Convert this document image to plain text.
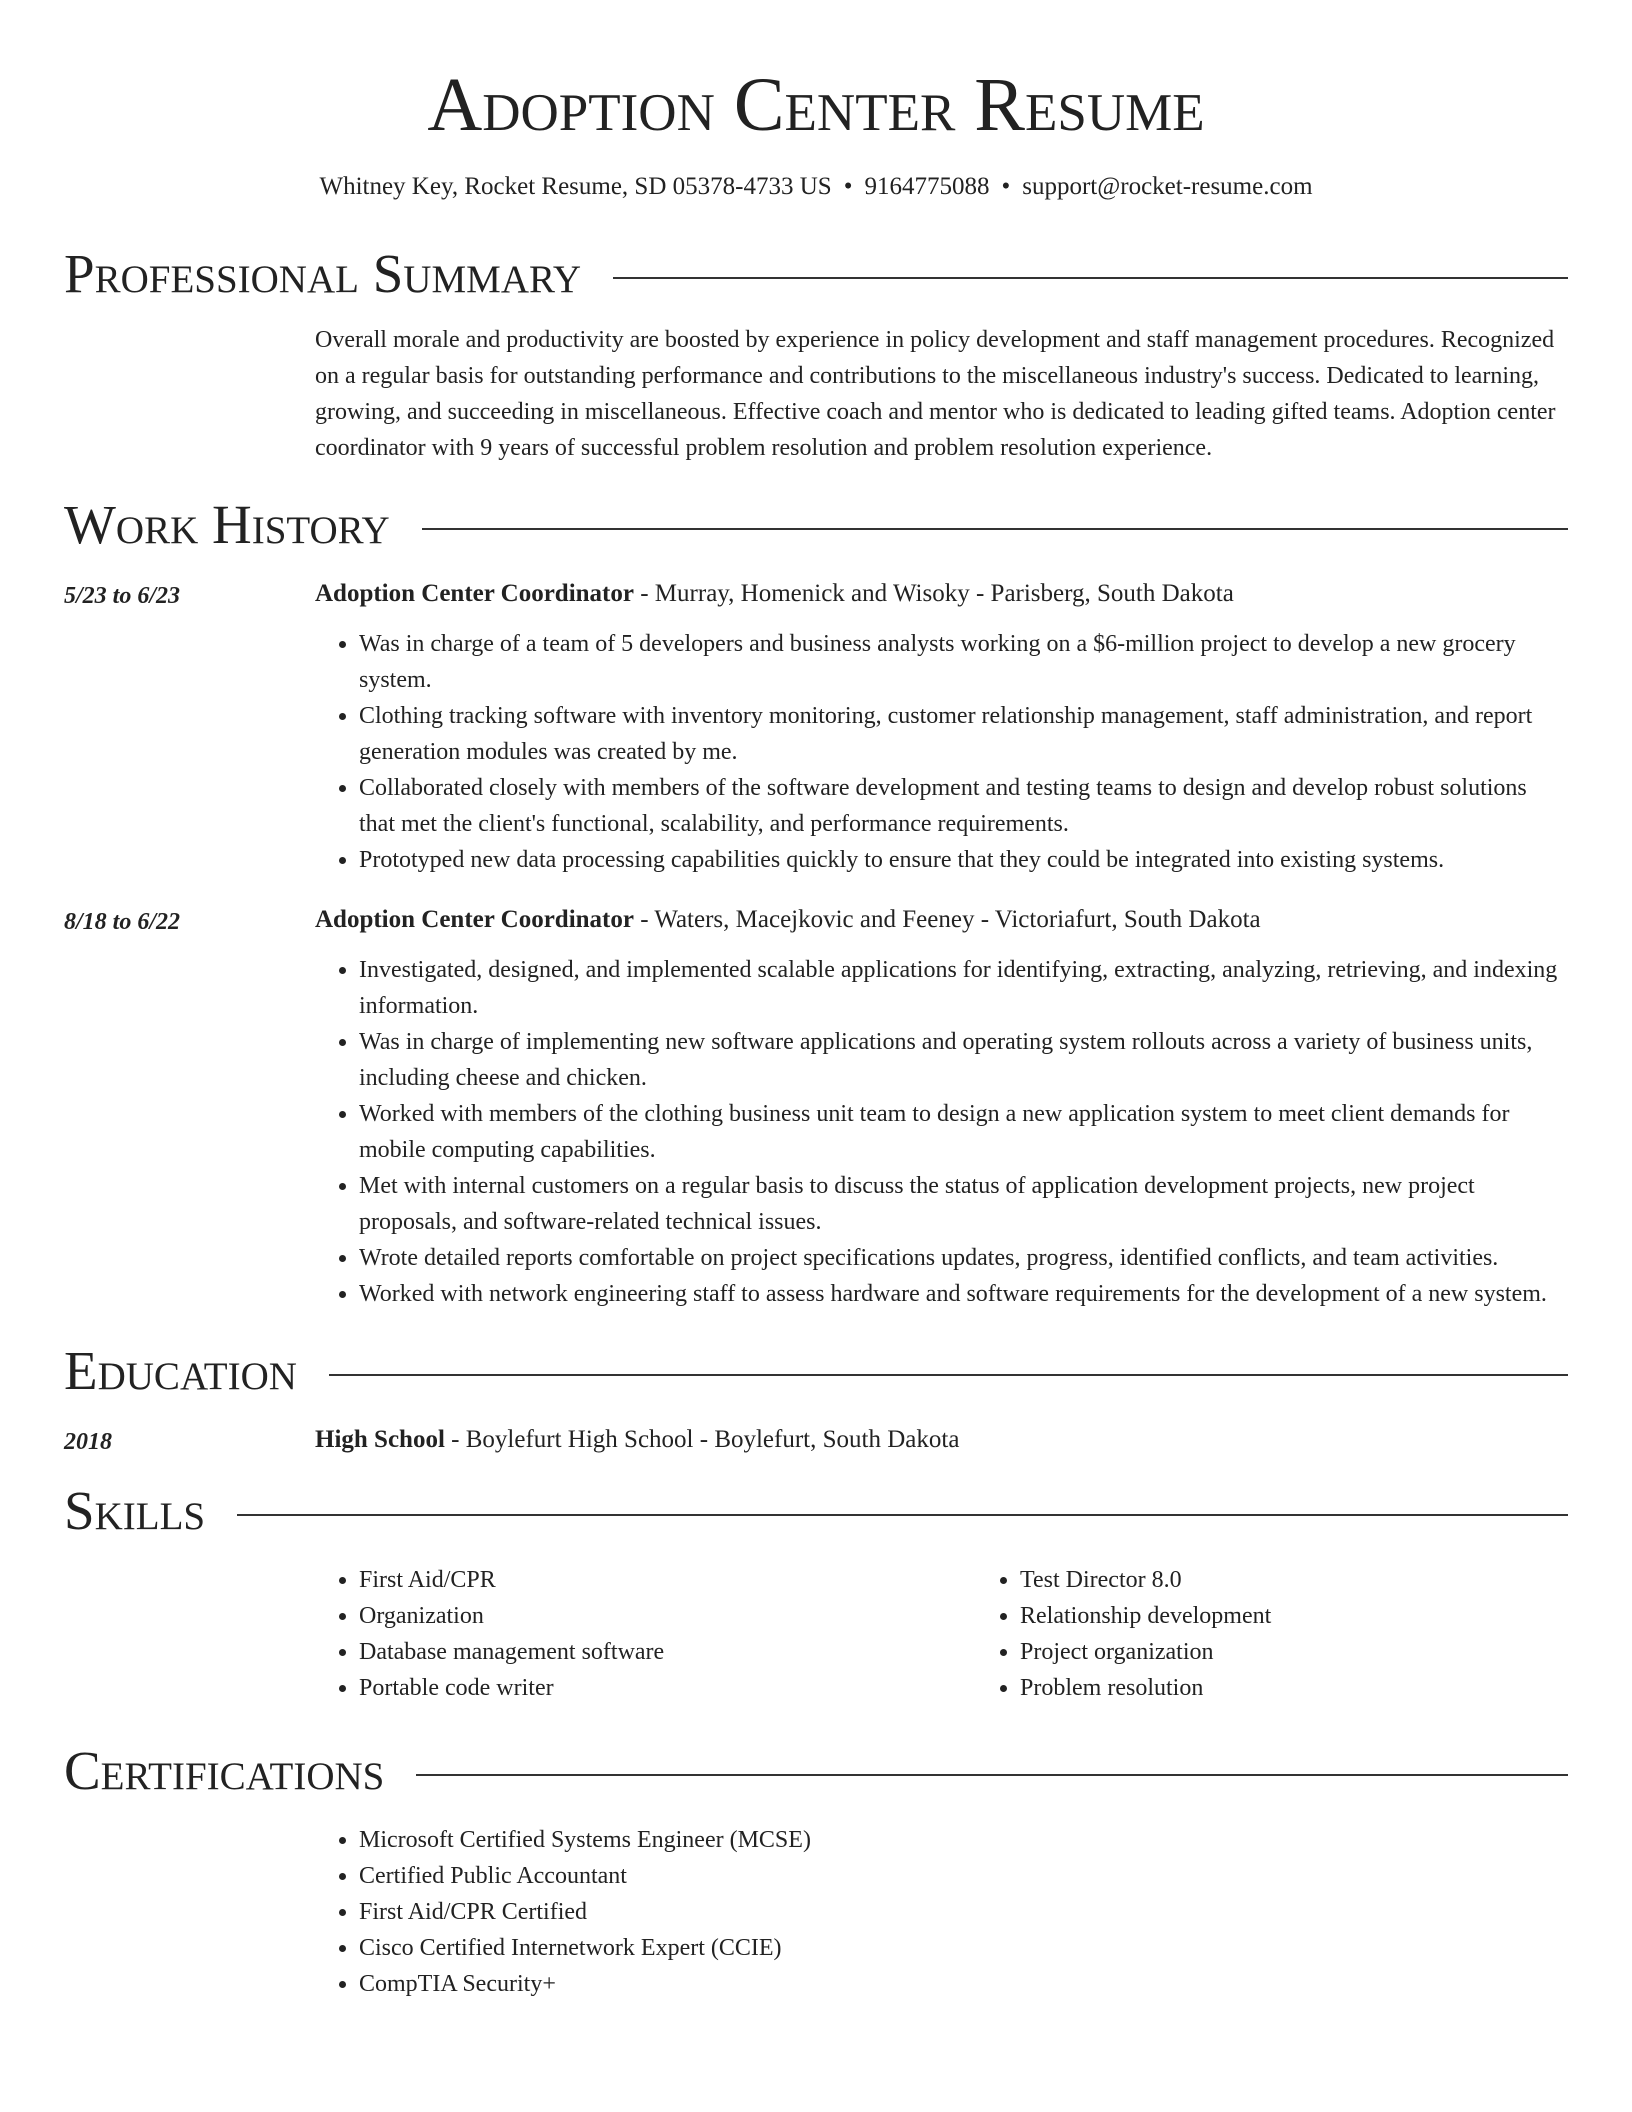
Adoption Center Resume
Whitney Key, Rocket Resume, SD 05378-4733 US • 9164775088 • support@rocket-resume.com
Professional Summary

Overall morale and productivity are boosted by experience in policy development and staff management procedures. Recognized on a regular basis for outstanding performance and contributions to the miscellaneous industry's success. Dedicated to learning, growing, and succeeding in miscellaneous. Effective coach and mentor who is dedicated to leading gifted teams. Adoption center coordinator with 9 years of successful problem resolution and problem resolution experience.

Work History
5/23 to 6/23	Adoption Center Coordinator - Murray, Homenick and Wisoky - Parisberg, South Dakota

• Was in charge of a team of 5 developers and business analysts working on a $6-million project to develop a new grocery system.
• Clothing tracking software with inventory monitoring, customer relationship management, staff administration, and report generation modules was created by me.
• Collaborated closely with members of the software development and testing teams to design and develop robust solutions that met the client's functional, scalability, and performance requirements.
• Prototyped new data processing capabilities quickly to ensure that they could be integrated into existing systems.
8/18 to 6/22	Adoption Center Coordinator - Waters, Macejkovic and Feeney - Victoriafurt, South Dakota

• Investigated, designed, and implemented scalable applications for identifying, extracting, analyzing, retrieving, and indexing information.
• Was in charge of implementing new software applications and operating system rollouts across a variety of business units, including cheese and chicken.
• Worked with members of the clothing business unit team to design a new application system to meet client demands for mobile computing capabilities.
• Met with internal customers on a regular basis to discuss the status of application development projects, new project proposals, and software-related technical issues.
• Wrote detailed reports comfortable on project specifications updates, progress, identified conflicts, and team activities.
• Worked with network engineering staff to assess hardware and software requirements for the development of a new system.
Education
2018	High School - Boylefurt High School - Boylefurt, South Dakota

Skills
• First Aid/CPR
• Organization
• Database management software
• Portable code writer
• Test Director 8.0
• Relationship development
• Project organization
• Problem resolution
Certifications
• Microsoft Certified Systems Engineer (MCSE)
• Certified Public Accountant
• First Aid/CPR Certified
• Cisco Certified Internetwork Expert (CCIE)
• CompTIA Security+
